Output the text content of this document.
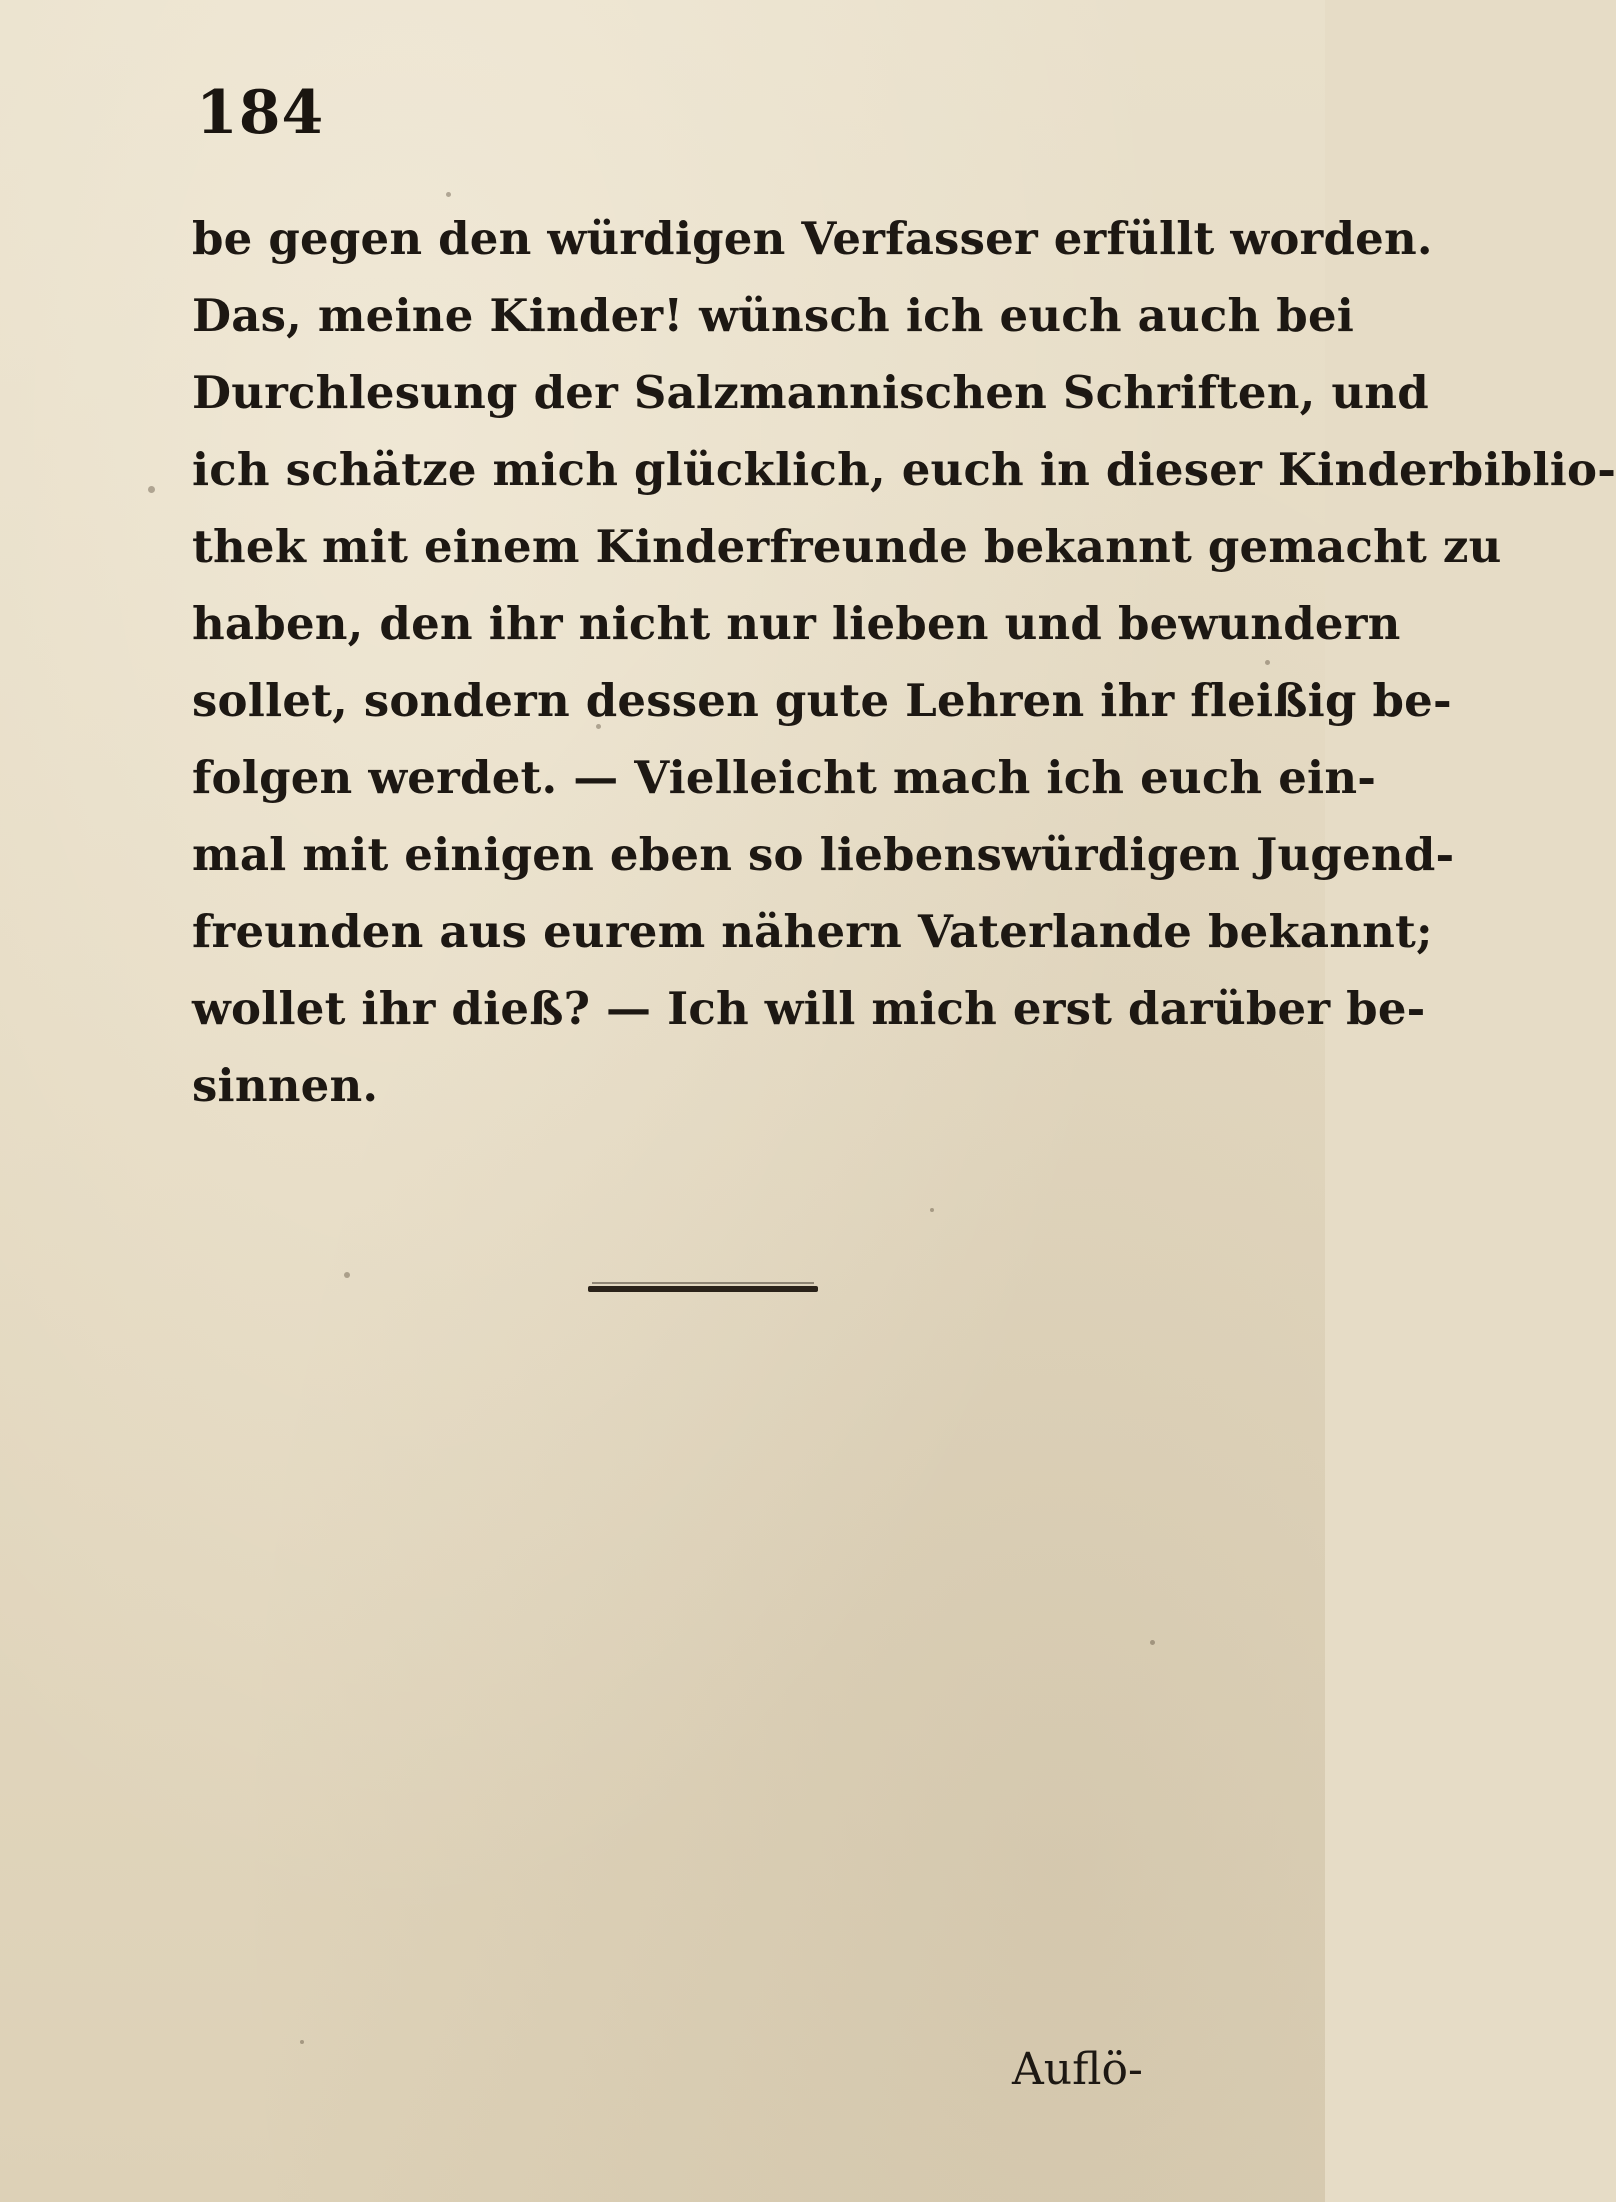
184
be gegen den würdigen Verfasser erfüllt worden.
Das, meine Kinder! wünsch ich euch auch bei
Durchlesung der Salzmannischen Schriften, und
ich schätze mich glücklich, euch in dieser Kinderbiblio-
thek mit einem Kinderfreunde bekannt gemacht zu
haben, den ihr nicht nur lieben und bewundern
sollet, sondern dessen gute Lehren ihr fleißig be-
folgen werdet. — Vielleicht mach ich euch ein-
mal mit einigen eben so liebenswürdigen Jugend-
freunden aus eurem nähern Vaterlande bekannt;
wollet ihr dieß? — Ich will mich erst darüber be-
sinnen.
Auflö-
